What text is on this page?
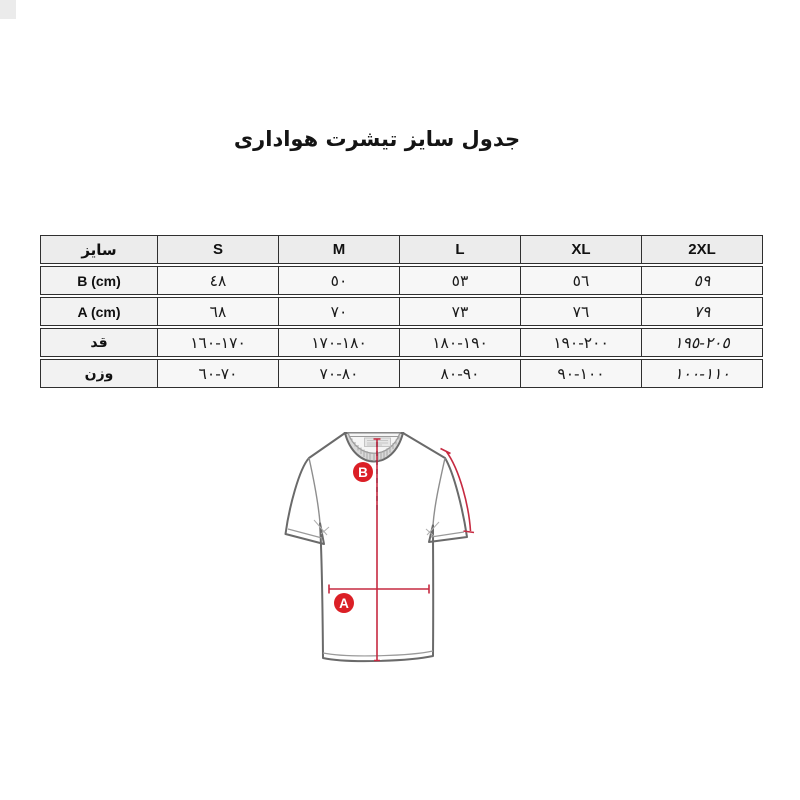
جدول سایز تیشرت هواداری
سایز	S	M	L	XL	2XL
B (cm)	٤٨	٥٠	٥٣	٥٦	٥٩
A (cm)	٦٨	٧٠	٧٣	٧٦	٧٩
قد	١٦٠-١٧٠	١٧٠-١٨٠	١٨٠-١٩٠	١٩٠-٢٠٠	١٩٥-٢٠٥
وزن	٦٠-٧٠	٧٠-٨٠	٨٠-٩٠	٩٠-١٠٠	١٠٠-١١٠
B
A
